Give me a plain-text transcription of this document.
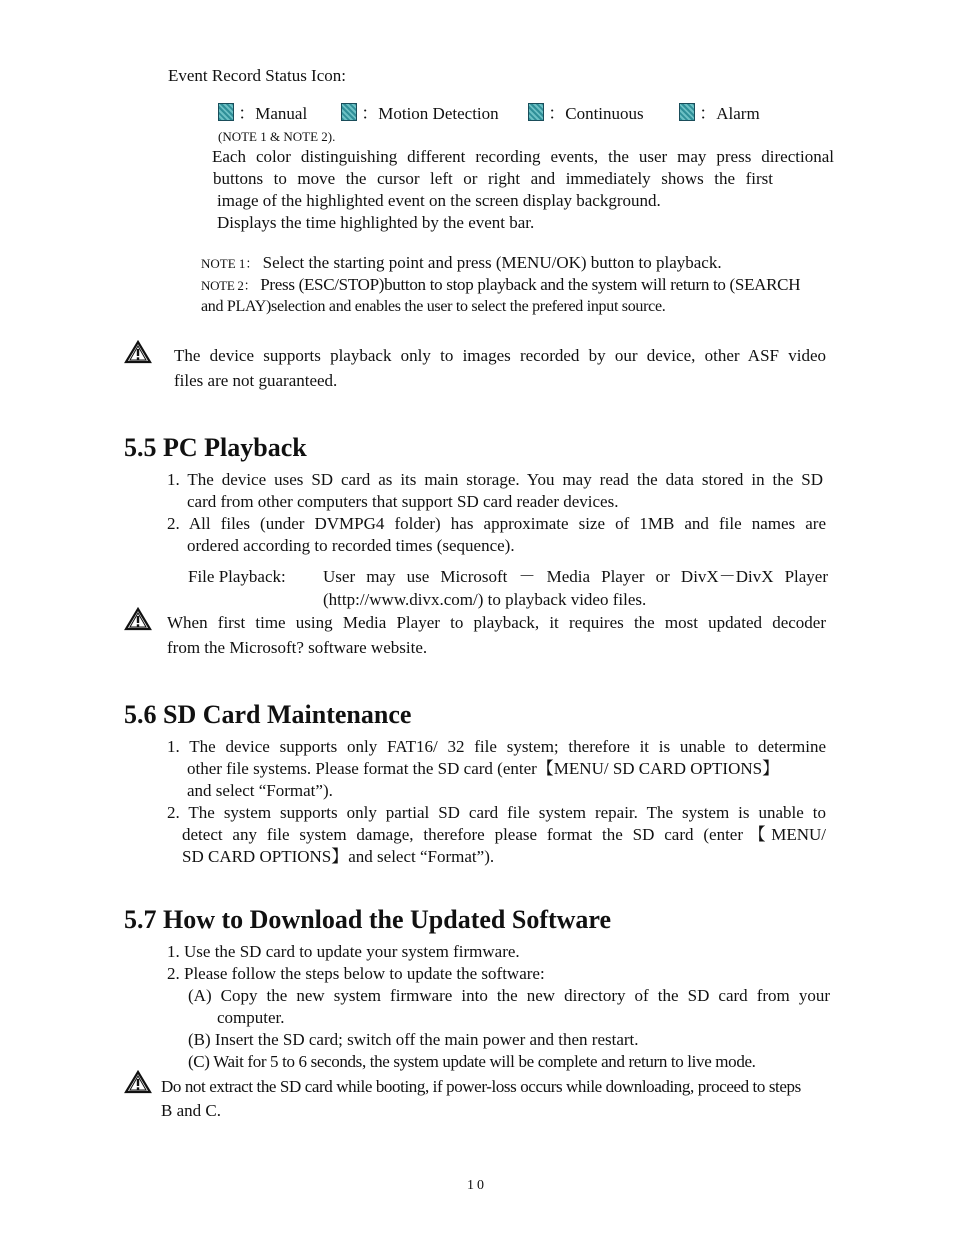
Event Record Status Icon:
：Manual	：Motion Detection	：Continuous	：Alarm
(NOTE 1 & NOTE 2).
Each color distinguishing different recording events, the user may press directional
buttons to move the cursor left or right and immediately shows the first
image of the highlighted event on the screen display background.
Displays the time highlighted by the event bar.
NOTE 1： Select the starting point and press (MENU/OK) button to playback.
NOTE 2： Press (ESC/STOP)button to stop playback and the system will return to (SEARCH
and PLAY)selection and enables the user to select the prefered input source.
The device supports playback only to images recorded by our device, other ASF video
files are not guaranteed.
5.5 PC Playback
1. The device uses SD card as its main storage. You may read the data stored in the SD
card from other computers that support SD card reader devices.
2. All files (under DVMPG4 folder) has approximate size of 1MB and file names are
ordered according to recorded times (sequence).
File Playback: User may use Microsoft － Media Player or DivX－DivX Player
(http://www.divx.com/) to playback video files.
When first time using Media Player to playback, it requires the most updated decoder
from the Microsoft? software website.
5.6 SD Card Maintenance
1. The device supports only FAT16/ 32 file system; therefore it is unable to determine
other file systems. Please format the SD card (enter【MENU/ SD CARD OPTIONS】
and select “Format”).
2. The system supports only partial SD card file system repair. The system is unable to
detect any file system damage, therefore please format the SD card (enter【MENU/
SD CARD OPTIONS】and select “Format”).
5.7 How to Download the Updated Software
1. Use the SD card to update your system firmware.
2. Please follow the steps below to update the software:
(A) Copy the new system firmware into the new directory of the SD card from your
computer.
(B) Insert the SD card; switch off the main power and then restart.
(C) Wait for 5 to 6 seconds, the system update will be complete and return to live mode.
Do not extract the SD card while booting, if power-loss occurs while downloading, proceed to steps
B and C.
10
